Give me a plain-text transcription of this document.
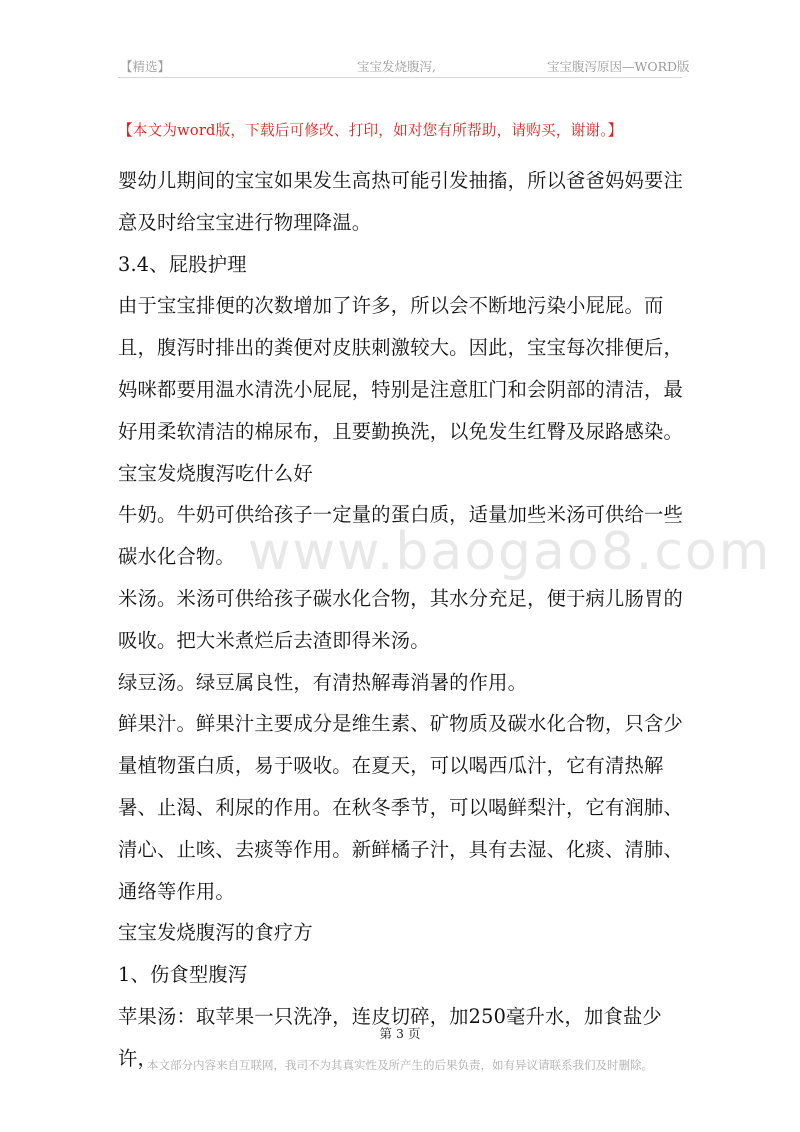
【精选】	宝宝发烧腹泻,	宝宝腹泻原因—WORD版
【本文为word版，下载后可修改、打印，如对您有所帮助，请购买，谢谢。】
www.baogao8.com

婴幼儿期间的宝宝如果发生高热可能引发抽搐，所以爸爸妈妈要注意及时给宝宝进行物理降温。

3.4、屁股护理

由于宝宝排便的次数增加了许多，所以会不断地污染小屁屁。而且，腹泻时排出的粪便对皮肤刺激较大。因此，宝宝每次排便后，妈咪都要用温水清洗小屁屁，特别是注意肛门和会阴部的清洁，最好用柔软清洁的棉尿布，且要勤换洗，以免发生红臀及尿路感染。

宝宝发烧腹泻吃什么好

牛奶。牛奶可供给孩子一定量的蛋白质，适量加些米汤可供给一些碳水化合物。

米汤。米汤可供给孩子碳水化合物，其水分充足，便于病儿肠胃的吸收。把大米煮烂后去渣即得米汤。

绿豆汤。绿豆属良性，有清热解毒消暑的作用。

鲜果汁。鲜果汁主要成分是维生素、矿物质及碳水化合物，只含少量植物蛋白质，易于吸收。在夏天，可以喝西瓜汁，它有清热解暑、止渴、利尿的作用。在秋冬季节，可以喝鲜梨汁，它有润肺、清心、止咳、去痰等作用。新鲜橘子汁，具有去湿、化痰、清肺、通络等作用。

宝宝发烧腹泻的食疗方

1、伤食型腹泻

苹果汤：取苹果一只洗净，连皮切碎，加250毫升水，加食盐少许，

第 3 页
本文部分内容来自互联网，我司不为其真实性及所产生的后果负责，如有异议请联系我们及时删除。
